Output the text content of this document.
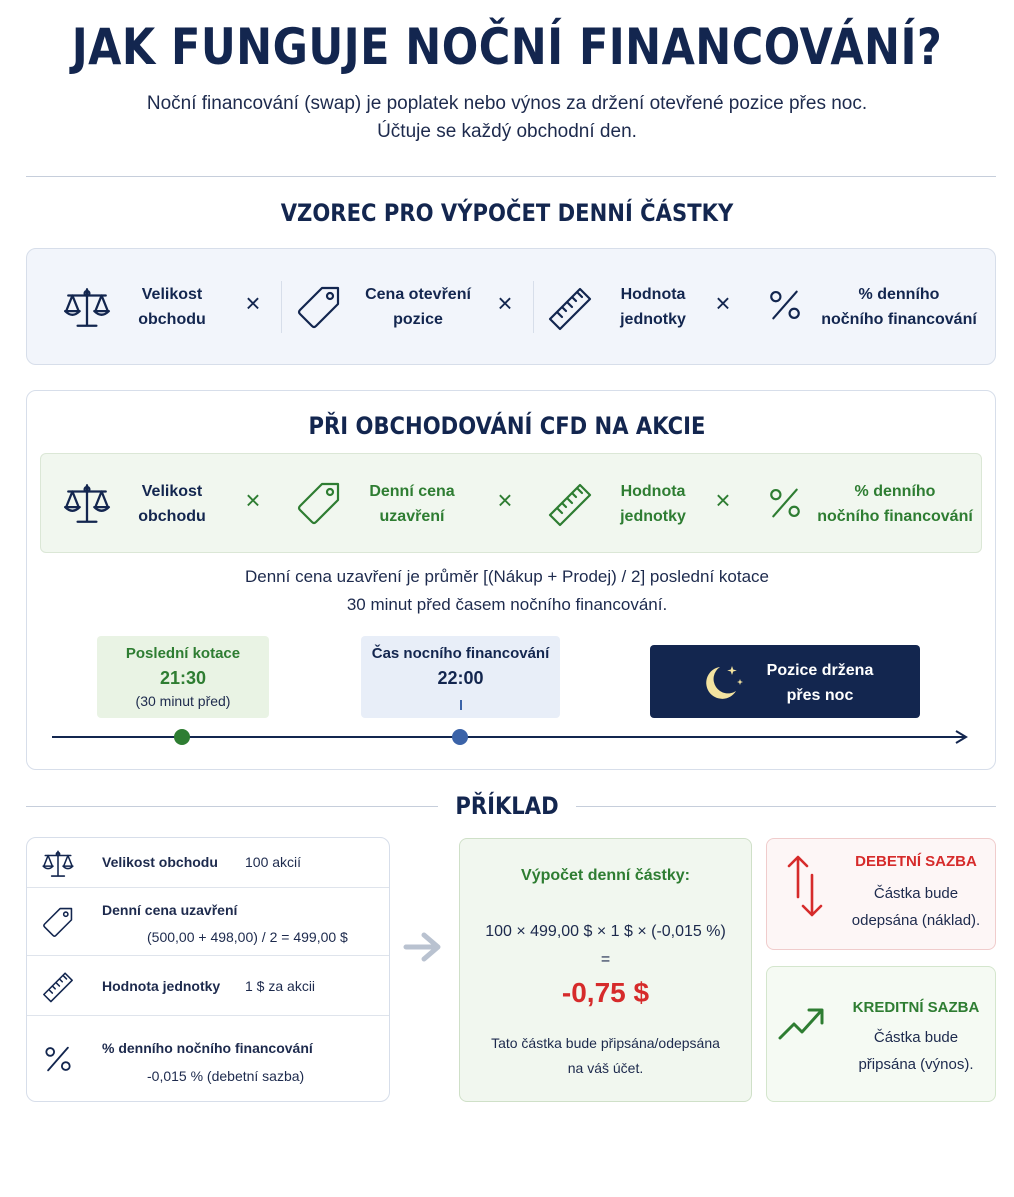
JAK FUNGUJE NOČNÍ FINANCOVÁNÍ?
Noční financování (swap) je poplatek nebo výnos za držení otevřené pozice přes noc.
Účtuje se každý obchodní den.
VZOREC PRO VÝPOČET DENNÍ ČÁSTKY
Velikost
obchodu
×	Cena otevření
pozice
×	Hodnota
jednotky
×	% denního
nočního financování
PŘI OBCHODOVÁNÍ CFD NA AKCIE
Velikost
obchodu
×	Denní cena
uzavření
×	Hodnota
jednotky
×	% denního
nočního financování
Denní cena uzavření je průměr [(Nákup + Prodej) / 2] poslední kotace
30 minut před časem nočního financování.
Poslední kotace
21:30
(30 minut před)
Čas nocního financování
22:00	Pozice držena
přes noc
PŘÍKLAD
Velikost obchodu 100 akcií
Denní cena uzavření
(500,00 + 498,00) / 2 = 499,00 $
Hodnota jednotky 1 $ za akcii
% denního nočního financování
-0,015 % (debetní sazba)
Výpočet denní částky:
100 × 499,00 $ × 1 $ × (-0,015 %)
=
-0,75 $
Tato částka bude připsána/odepsána
na váš účet.
DEBETNÍ SAZBA
Částka bude
odepsána (náklad).
KREDITNÍ SAZBA
Částka bude
připsána (výnos).
